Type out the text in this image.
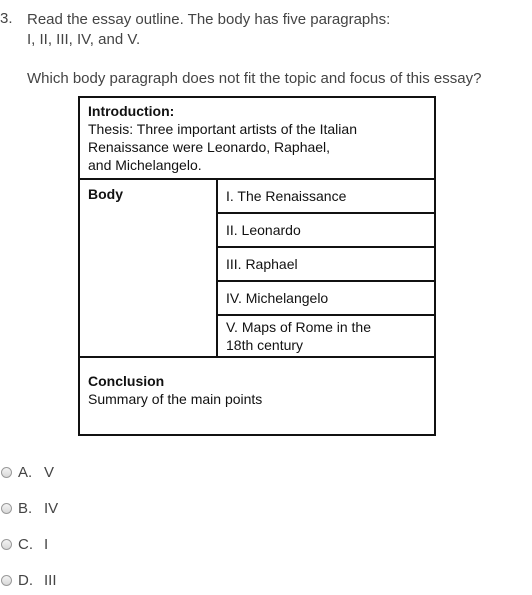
3. Read the essay outline. The body has five paragraphs:
I, II, III, IV, and V.
Which body paragraph does not fit the topic and focus of this essay?
Introduction:
Thesis: Three important artists of the Italian
Renaissance were Leonardo, Raphael,
and Michelangelo.

Body	I. The Renaissance
II. Leonardo
III. Raphael
IV. Michelangelo

V. Maps of Rome in the
18th century

Conclusion
Summary of the main points
A. V
B. IV
C. I
D. III
